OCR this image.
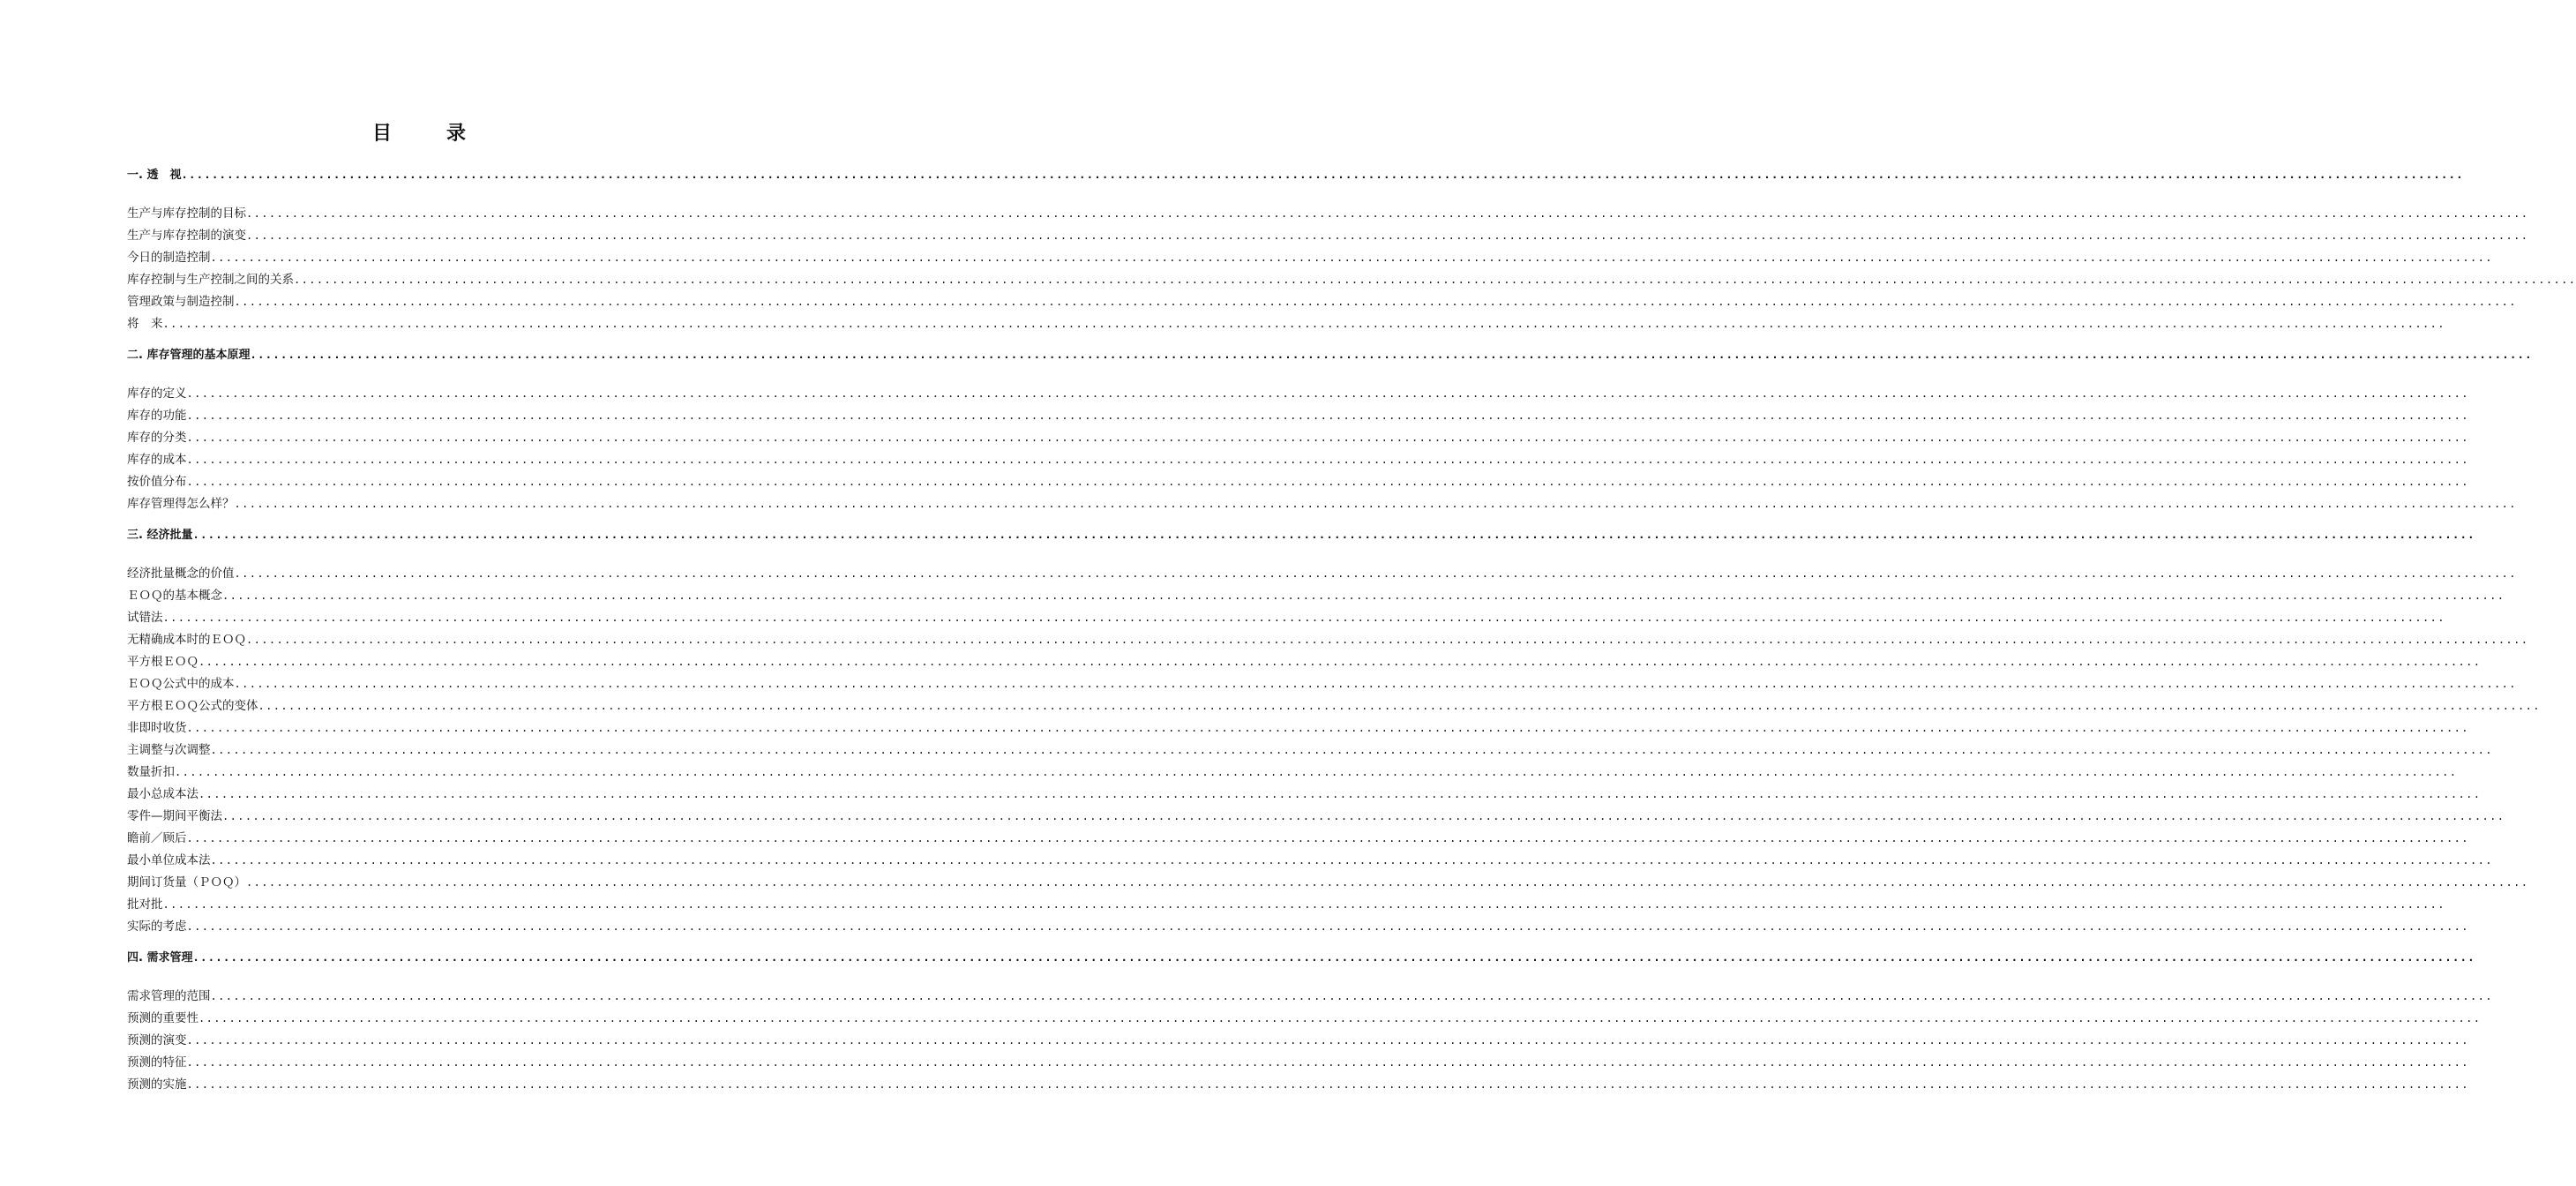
目　录
一. 透　视............................................................................................................................................................................................................................................................................................................
生产与库存控制的目标............................................................................................................................................................................................................................................................................................................
生产与库存控制的演变............................................................................................................................................................................................................................................................................................................
今日的制造控制............................................................................................................................................................................................................................................................................................................
库存控制与生产控制之间的关系............................................................................................................................................................................................................................................................................................................
管理政策与制造控制............................................................................................................................................................................................................................................................................................................
将　来............................................................................................................................................................................................................................................................................................................
二. 库存管理的基本原理............................................................................................................................................................................................................................................................................................................
库存的定义............................................................................................................................................................................................................................................................................................................
库存的功能............................................................................................................................................................................................................................................................................................................
库存的分类............................................................................................................................................................................................................................................................................................................
库存的成本............................................................................................................................................................................................................................................................................................................
按价值分布............................................................................................................................................................................................................................................................................................................
库存管理得怎么样？............................................................................................................................................................................................................................................................................................................
三. 经济批量............................................................................................................................................................................................................................................................................................................
经济批量概念的价值............................................................................................................................................................................................................................................................................................................
ＥＯＱ的基本概念............................................................................................................................................................................................................................................................................................................
试错法............................................................................................................................................................................................................................................................................................................
无精确成本时的ＥＯＱ............................................................................................................................................................................................................................................................................................................
平方根ＥＯＱ............................................................................................................................................................................................................................................................................................................
ＥＯＱ公式中的成本............................................................................................................................................................................................................................................................................................................
平方根ＥＯＱ公式的变体............................................................................................................................................................................................................................................................................................................
非即时收货............................................................................................................................................................................................................................................................................................................
主调整与次调整............................................................................................................................................................................................................................................................................................................
数量折扣............................................................................................................................................................................................................................................................................................................
最小总成本法............................................................................................................................................................................................................................................................................................................
零件—期间平衡法............................................................................................................................................................................................................................................................................................................
瞻前／顾后............................................................................................................................................................................................................................................................................................................
最小单位成本法............................................................................................................................................................................................................................................................................................................
期间订货量（ＰＯＱ）............................................................................................................................................................................................................................................................................................................
批对批............................................................................................................................................................................................................................................................................................................
实际的考虑............................................................................................................................................................................................................................................................................................................
四. 需求管理............................................................................................................................................................................................................................................................................................................
需求管理的范围............................................................................................................................................................................................................................................................................................................
预测的重要性............................................................................................................................................................................................................................................................................................................
预测的演变............................................................................................................................................................................................................................................................................................................
预测的特征............................................................................................................................................................................................................................................................................................................
预测的实施............................................................................................................................................................................................................................................................................................................
